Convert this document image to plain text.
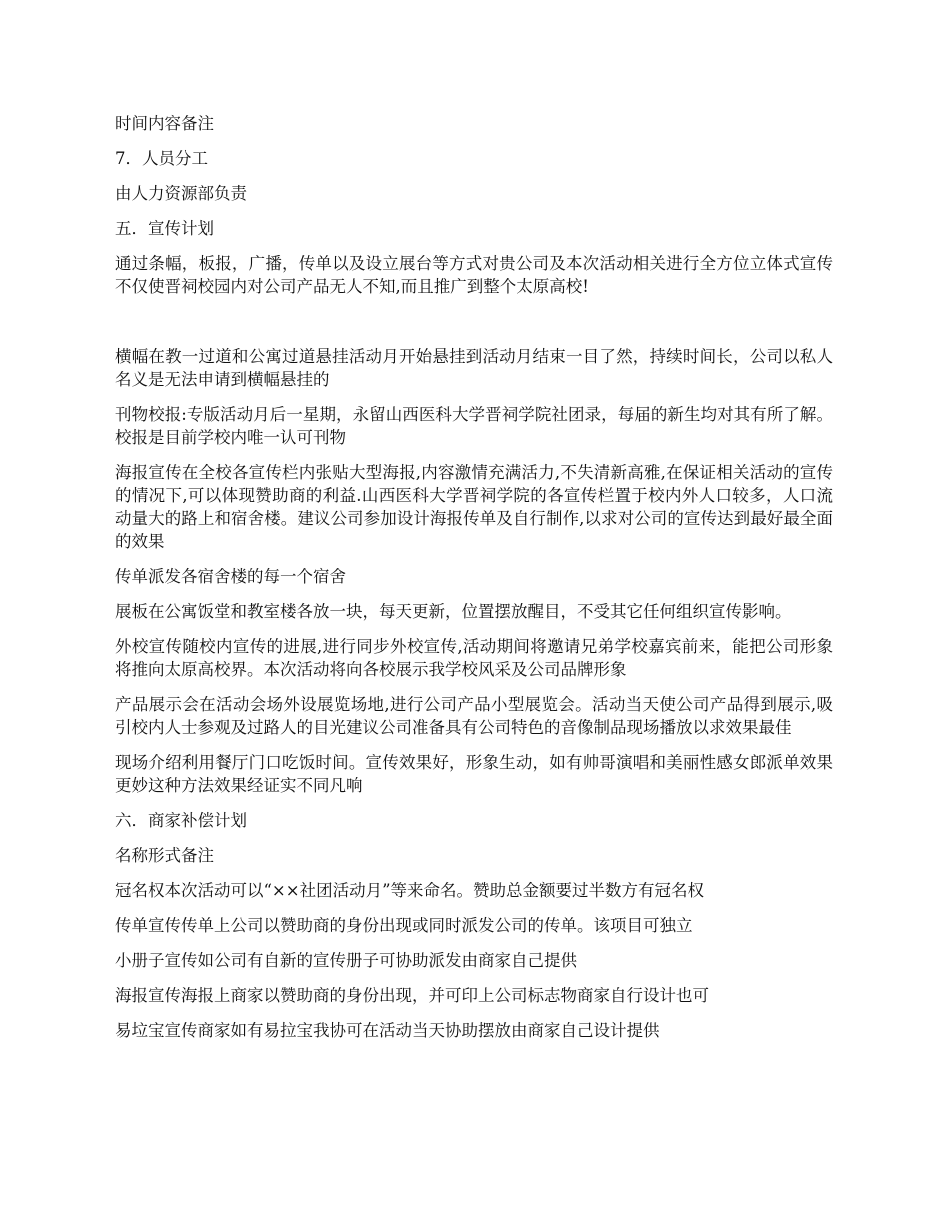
时间内容备注

7．人员分工

由人力资源部负责

五．宣传计划

通过条幅，板报，广播，传单以及设立展台等方式对贵公司及本次活动相关进行全方位立体式宣传不仅使晋祠校园内对公司产品无人不知,而且推广到整个太原高校!

横幅在教一过道和公寓过道悬挂活动月开始悬挂到活动月结束一目了然，持续时间长，公司以私人名义是无法申请到横幅悬挂的

刊物校报:专版活动月后一星期，永留山西医科大学晋祠学院社团录，每届的新生均对其有所了解。校报是目前学校内唯一认可刊物

海报宣传在全校各宣传栏内张贴大型海报,内容激情充满活力,不失清新高雅,在保证相关活动的宣传的情况下,可以体现赞助商的利益.山西医科大学晋祠学院的各宣传栏置于校内外人口较多，人口流动量大的路上和宿舍楼。建议公司参加设计海报传单及自行制作,以求对公司的宣传达到最好最全面的效果

传单派发各宿舍楼的每一个宿舍

展板在公寓饭堂和教室楼各放一块，每天更新，位置摆放醒目，不受其它任何组织宣传影响。

外校宣传随校内宣传的进展,进行同步外校宣传,活动期间将邀请兄弟学校嘉宾前来，能把公司形象将推向太原高校界。本次活动将向各校展示我学校风采及公司品牌形象

产品展示会在活动会场外设展览场地,进行公司产品小型展览会。活动当天使公司产品得到展示,吸引校内人士参观及过路人的目光建议公司准备具有公司特色的音像制品现场播放以求效果最佳

现场介绍利用餐厅门口吃饭时间。宣传效果好，形象生动，如有帅哥演唱和美丽性感女郎派单效果更妙这种方法效果经证实不同凡响

六．商家补偿计划

名称形式备注

冠名权本次活动可以“××社团活动月”等来命名。赞助总金额要过半数方有冠名权

传单宣传传单上公司以赞助商的身份出现或同时派发公司的传单。该项目可独立

小册子宣传如公司有自新的宣传册子可协助派发由商家自己提供

海报宣传海报上商家以赞助商的身份出现，并可印上公司标志物商家自行设计也可

易垃宝宣传商家如有易拉宝我协可在活动当天协助摆放由商家自己设计提供
